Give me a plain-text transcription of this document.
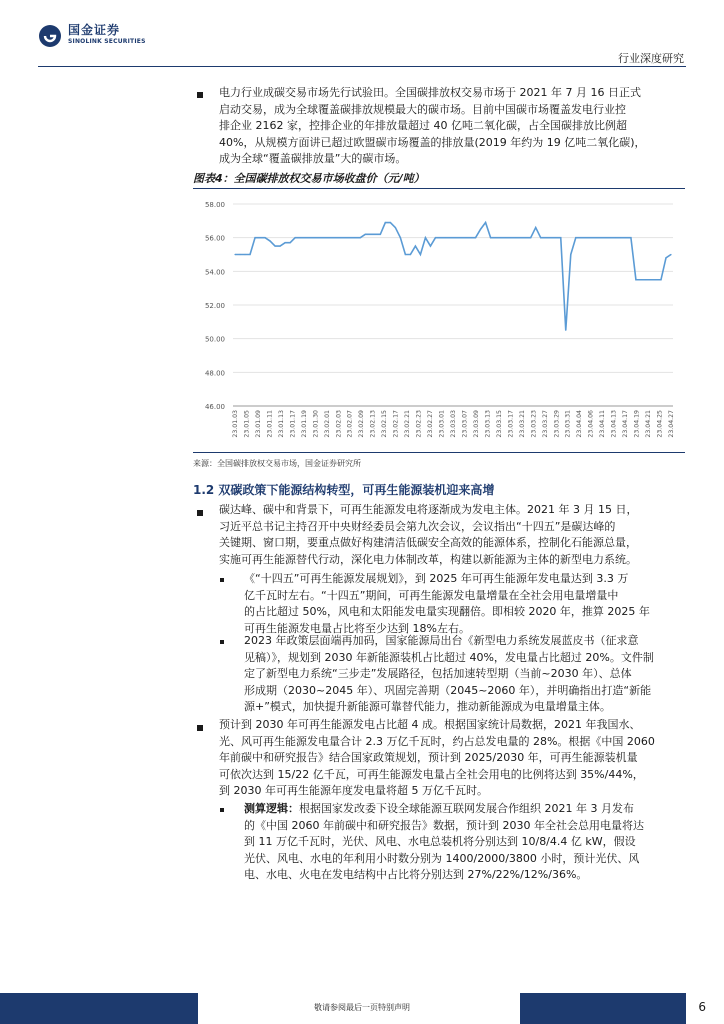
国金证券
SINOLINK SECURITIES
行业深度研究
电力行业成碳交易市场先行试验田。全国碳排放权交易市场于 2021 年 7 月 16 日正式
启动交易，成为全球覆盖碳排放规模最大的碳市场。目前中国碳市场覆盖发电行业控
排企业 2162 家，控排企业的年排放量超过 40 亿吨二氧化碳，占全国碳排放比例超
40%，从规模方面讲已超过欧盟碳市场覆盖的排放量(2019 年约为 19 亿吨二氧化碳)，
成为全球“覆盖碳排放量”大的碳市场。
图表4：全国碳排放权交易市场收盘价（元/吨）
58.00
56.00
54.00
52.00
50.00
48.00
46.00
23.01.03 23.01.05 23.01.09 23.01.11 23.01.13 23.01.17 23.01.19 23.01.30 23.02.01 23.02.03 23.02.07 23.02.09 23.02.13 23.02.15 23.02.17 23.02.21 23.02.23 23.02.27 23.03.01 23.03.03 23.03.07 23.03.09 23.03.13 23.03.15 23.03.17 23.03.21 23.03.23 23.03.27 23.03.29 23.03.31 23.04.04 23.04.06 23.04.11 23.04.13 23.04.17 23.04.19 23.04.21 23.04.25 23.04.27
来源：全国碳排放权交易市场，国金证券研究所
1.2 双碳政策下能源结构转型，可再生能源装机迎来高增
碳达峰、碳中和背景下，可再生能源发电将逐渐成为发电主体。2021 年 3 月 15 日，
习近平总书记主持召开中央财经委员会第九次会议，会议指出“十四五”是碳达峰的
关键期、窗口期，要重点做好构建清洁低碳安全高效的能源体系，控制化石能源总量，
实施可再生能源替代行动，深化电力体制改革，构建以新能源为主体的新型电力系统。
《“十四五”可再生能源发展规划》，到 2025 年可再生能源年发电量达到 3.3 万
亿千瓦时左右。“十四五”期间，可再生能源发电量增量在全社会用电量增量中
的占比超过 50%，风电和太阳能发电量实现翻倍。即相较 2020 年，推算 2025 年
可再生能源发电量占比将至少达到 18%左右。
2023 年政策层面端再加码，国家能源局出台《新型电力系统发展蓝皮书（征求意
见稿）》，规划到 2030 年新能源装机占比超过 40%，发电量占比超过 20%。文件制
定了新型电力系统“三步走”发展路径，包括加速转型期（当前~2030 年）、总体
形成期（2030~2045 年）、巩固完善期（2045~2060 年），并明确指出打造“新能
源+”模式，加快提升新能源可靠替代能力，推动新能源成为电量增量主体。
预计到 2030 年可再生能源发电占比超 4 成。根据国家统计局数据，2021 年我国水、
光、风可再生能源发电量合计 2.3 万亿千瓦时，约占总发电量的 28%。根据《中国 2060
年前碳中和研究报告》结合国家政策规划，预计到 2025/2030 年，可再生能源装机量
可依次达到 15/22 亿千瓦，可再生能源发电量占全社会用电的比例将达到 35%/44%，
到 2030 年可再生能源年度发电量将超 5 万亿千瓦时。
测算逻辑：根据国家发改委下设全球能源互联网发展合作组织 2021 年 3 月发布
的《中国 2060 年前碳中和研究报告》数据，预计到 2030 年全社会总用电量将达
到 11 万亿千瓦时，光伏、风电、水电总装机将分别达到 10/8/4.4 亿 kW，假设
光伏、风电、水电的年利用小时数分别为 1400/2000/3800 小时，预计光伏、风
电、水电、火电在发电结构中占比将分别达到 27%/22%/12%/36%。
敬请参阅最后一页特别声明	6
